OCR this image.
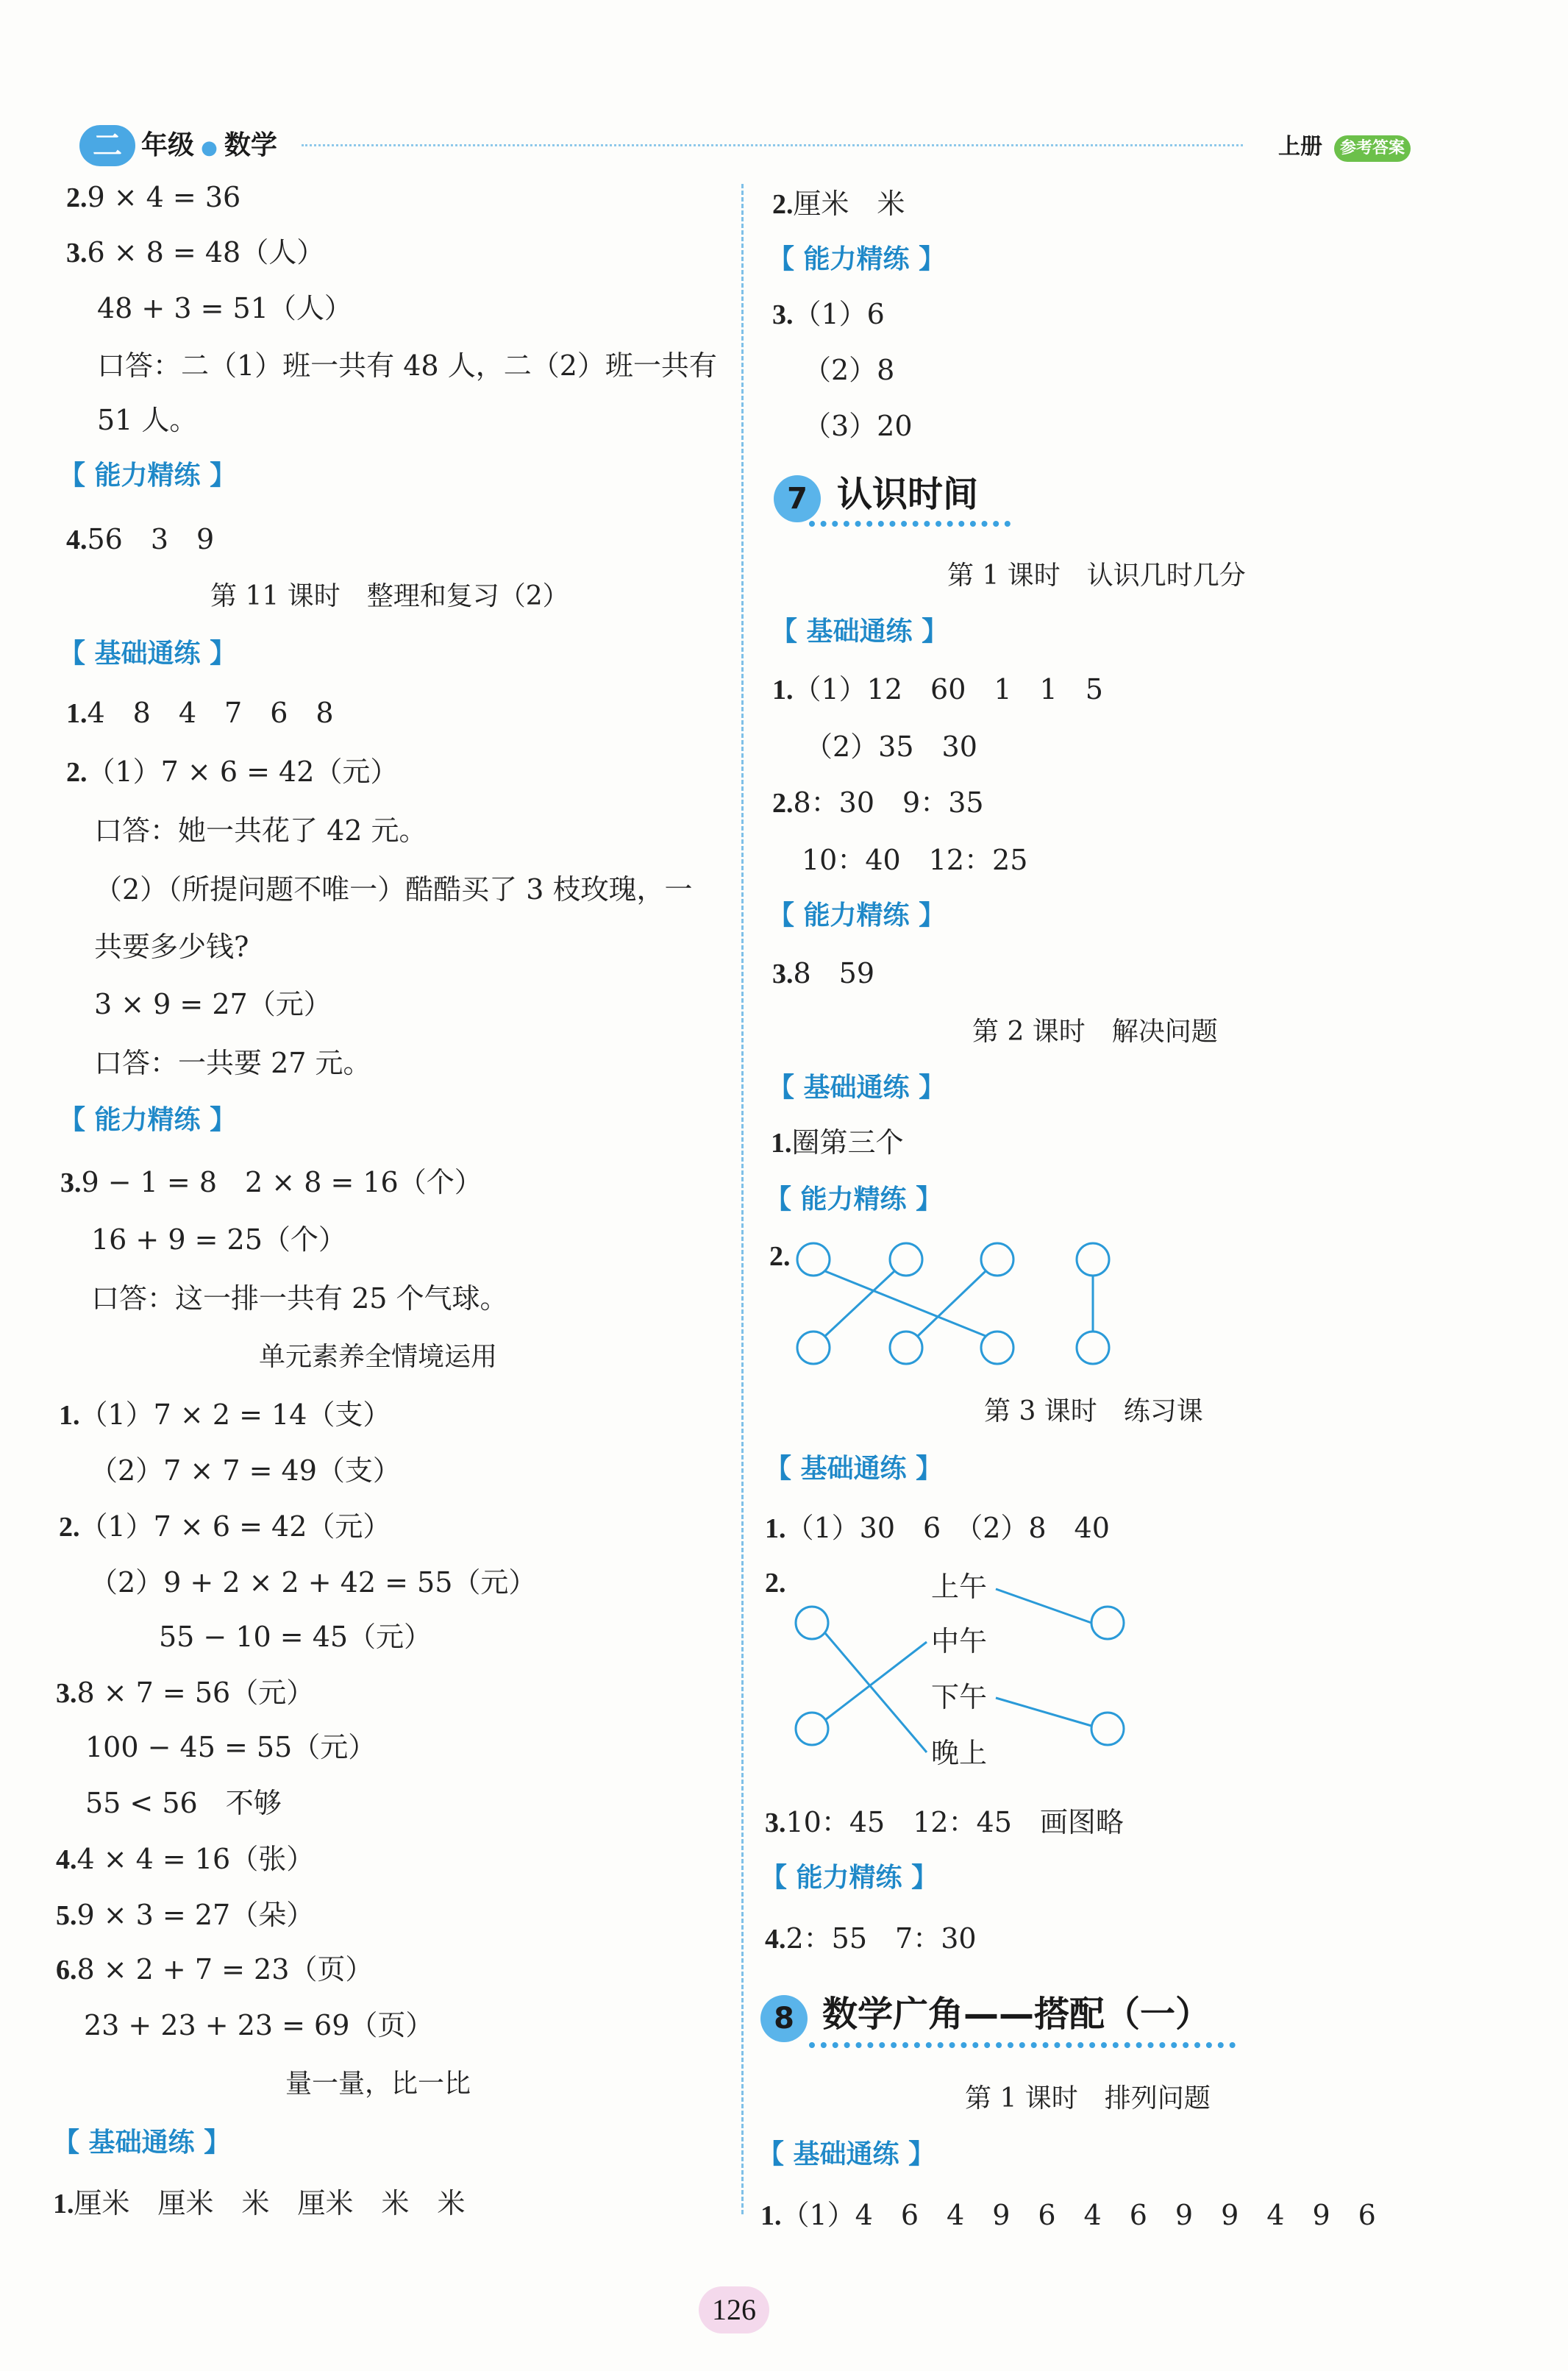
二 年级 ● 数学	上册	参考答案
2.9 × 4 = 36
3.6 × 8 = 48（人）
48 + 3 = 51（人）
口答：二（1）班一共有 48 人，二（2）班一共有
51 人。
【 能力精练 】
4.56　3　9
第 11 课时　整理和复习（2）
【 基础通练 】
1.4　8　4　7　6　8
2.（1）7 × 6 = 42（元）
口答：她一共花了 42 元。
（2）（所提问题不唯一）酷酷买了 3 枝玫瑰，一
共要多少钱?
3 × 9 = 27（元）
口答：一共要 27 元。
【 能力精练 】
3.9 − 1 = 8　2 × 8 = 16（个）
16 + 9 = 25（个）
口答：这一排一共有 25 个气球。
单元素养全情境运用
1.（1）7 × 2 = 14（支）
（2）7 × 7 = 49（支）
2.（1）7 × 6 = 42（元）
（2）9 + 2 × 2 + 42 = 55（元）
55 − 10 = 45（元）
3.8 × 7 = 56（元）
100 − 45 = 55（元）
55 < 56　不够
4.4 × 4 = 16（张）
5.9 × 3 = 27（朵）
6.8 × 2 + 7 = 23（页）
23 + 23 + 23 = 69（页）
量一量，比一比
【 基础通练 】
1.厘米　厘米　米　厘米　米　米
2.厘米　米
【 能力精练 】
3.（1）6
（2）8
（3）20
7 认识时间
第 1 课时　认识几时几分
【 基础通练 】
1.（1）12　60　1　1　5
（2）35　30
2.8：30　9：35
10：40　12：25
【 能力精练 】
3.8　59
第 2 课时　解决问题
【 基础通练 】
1.圈第三个
【 能力精练 】
2.
第 3 课时　练习课
【 基础通练 】
1.（1）30　6　（2）8　40
2.	上午
中午
下午
晚上
3.10：45　12：45　画图略
【 能力精练 】
4.2：55　7：30
8 数学广角——搭配（一）
第 1 课时　排列问题
【 基础通练 】
1.（1）4　6　4　9　6　4　6　9　9　4　9　6
126
